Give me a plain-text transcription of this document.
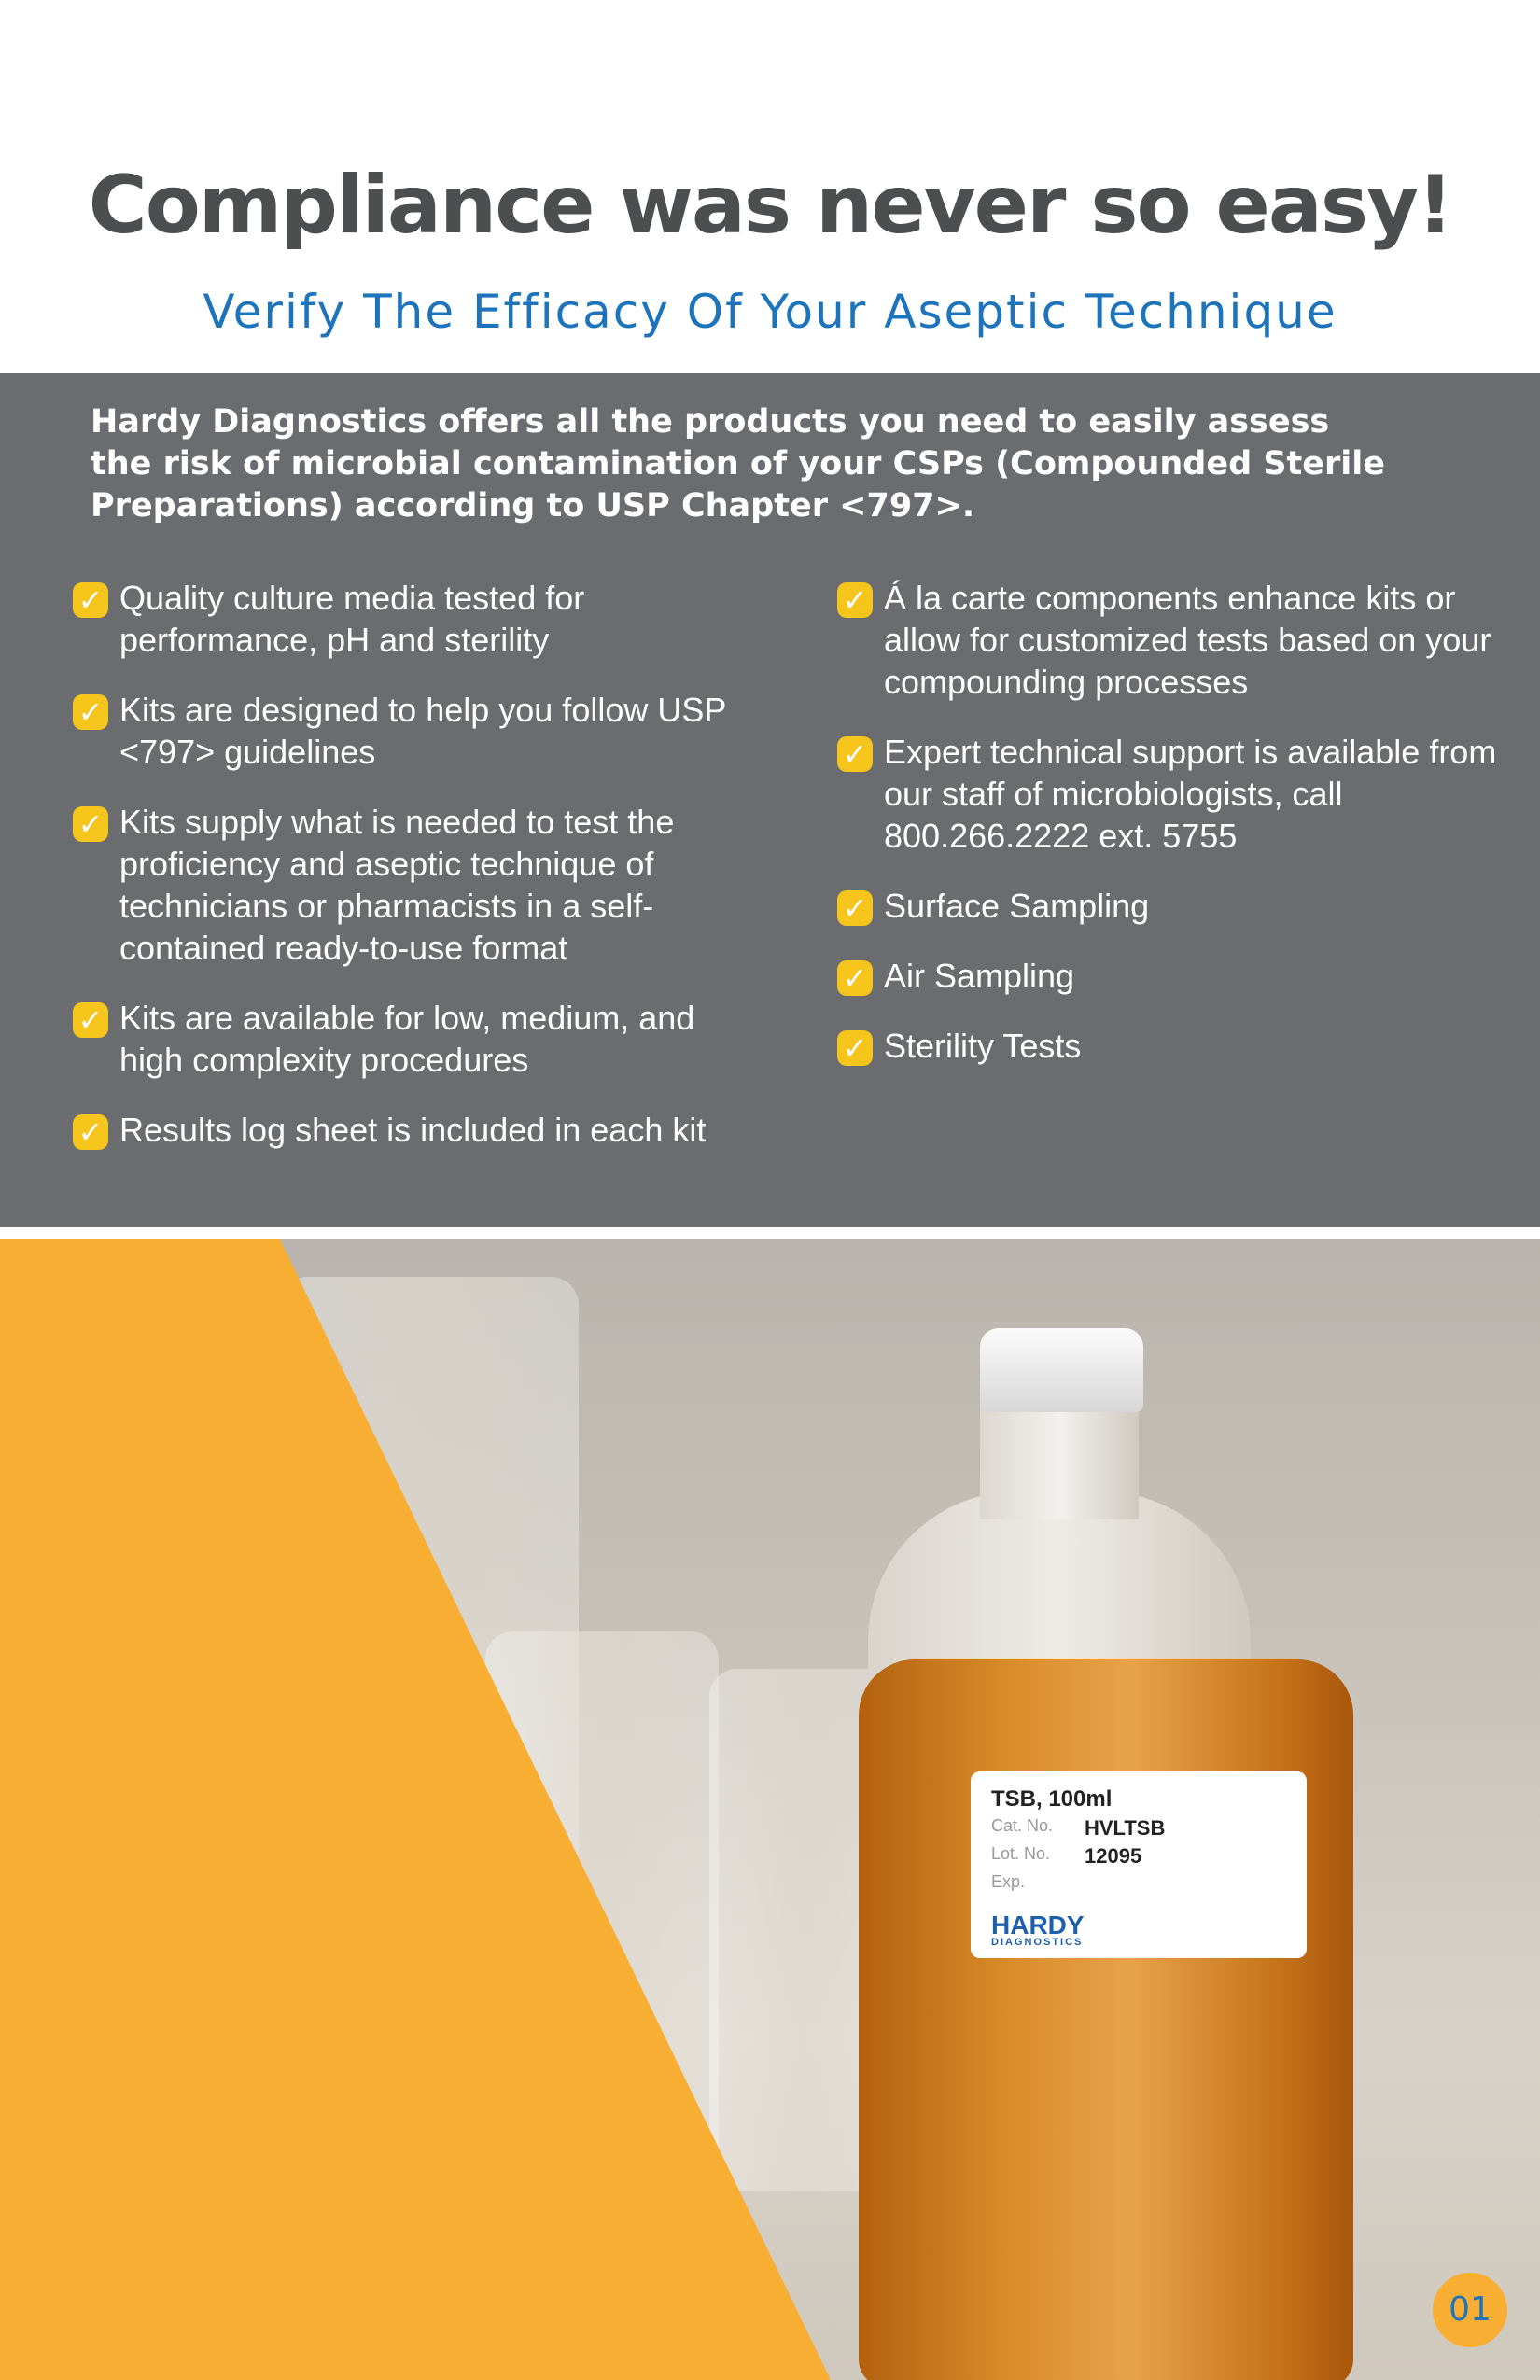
Compliance was never so easy!
Verify The Efficacy Of Your Aseptic Technique

Hardy Diagnostics offers all the products you need to easily assess the risk of microbial contamination of your CSPs (Compounded Sterile Preparations) according to USP Chapter <797>.

✓ Quality culture media tested for performance, pH and sterility
✓ Kits are designed to help you follow USP <797> guidelines
✓ Kits supply what is needed to test the proficiency and aseptic technique of technicians or pharmacists in a self-contained ready-to-use format
✓ Kits are available for low, medium, and high complexity procedures
✓ Results log sheet is included in each kit
✓ Á la carte components enhance kits or allow for customized tests based on your compounding processes
✓ Expert technical support is available from our staff of microbiologists, call 800.266.2222 ext. 5755
✓ Surface Sampling
✓ Air Sampling
✓ Sterility Tests
TSB, 100ml
Cat. No. HVLTSB
Lot. No.	12095
Exp.
HARDY
DIAGNOSTICS
01
